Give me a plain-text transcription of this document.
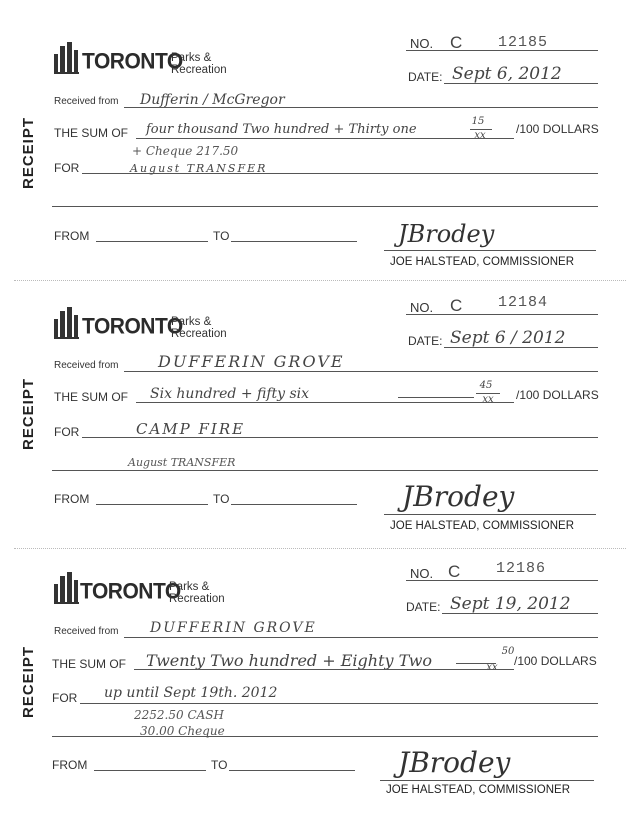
RECEIPT
TORONTO
Parks &
Recreation
NO. C 12185
DATE: Sept 6, 2012
Received from Dufferin / McGregor
THE SUM OF four thousand Two hundred + Thirty one
15
xx	/100 DOLLARS
+ Cheque 217.50
FOR	August TRANSFER
FROM	TO	JBrodey
JOE HALSTEAD, COMMISSIONER
RECEIPT
TORONTO
Parks &
Recreation
NO. C 12184
DATE: Sept 6 / 2012
Received from DUFFERIN GROVE
THE SUM OF Six hundred + fifty six
45
xx	/100 DOLLARS
FOR	CAMP FIRE
August TRANSFER
FROM	TO	JBrodey
JOE HALSTEAD, COMMISSIONER
RECEIPT
TORONTO
Parks &
Recreation
NO. C 12186
DATE: Sept 19, 2012
Received from DUFFERIN GROVE
THE SUM OF Twenty Two hundred + Eighty Two	50
xx	/100 DOLLARS
FOR up until Sept 19th. 2012
2252.50 CASH
30.00 Cheque
FROM	TO	JBrodey
JOE HALSTEAD, COMMISSIONER
